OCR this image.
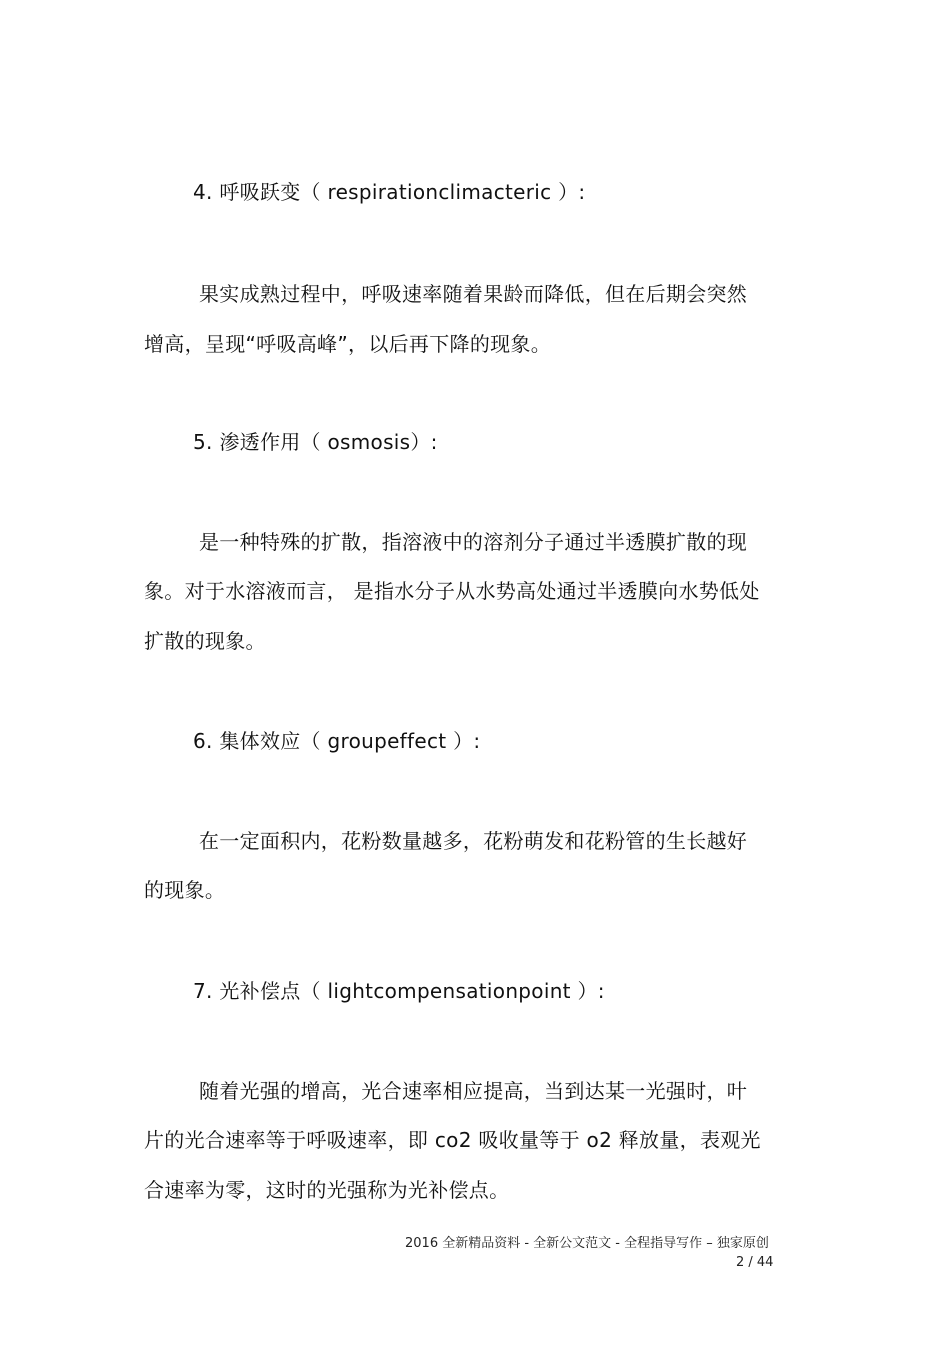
4. 呼吸跃变（ respirationclimacteric ）:
果实成熟过程中，呼吸速率随着果龄而降低，但在后期会突然
增高，呈现“呼吸高峰”，以后再下降的现象。
5. 渗透作用（ osmosis）:
是一种特殊的扩散，指溶液中的溶剂分子通过半透膜扩散的现
象。对于水溶液而言， 是指水分子从水势高处通过半透膜向水势低处
扩散的现象。
6. 集体效应（ groupeffect ）:
在一定面积内，花粉数量越多，花粉萌发和花粉管的生长越好
的现象。
7. 光补偿点（ lightcompensationpoint ）:
随着光强的增高，光合速率相应提高，当到达某一光强时，叶
片的光合速率等于呼吸速率，即 co2 吸收量等于 o2 释放量，表观光
合速率为零，这时的光强称为光补偿点。
2016 全新精品资料 - 全新公文范文 - 全程指导写作 – 独家原创
2 / 44
